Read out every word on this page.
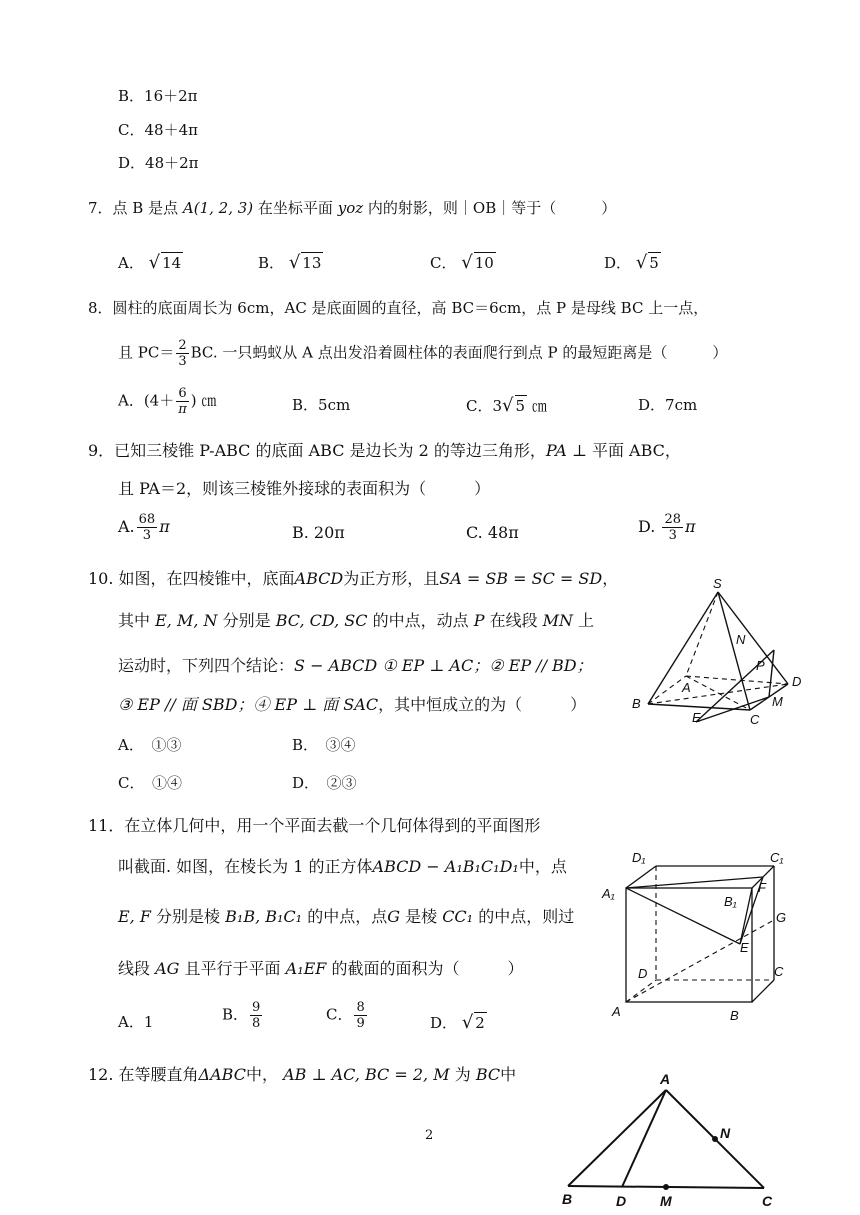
B．16＋2π
C．48＋4π
D．48＋2π
7．点 B 是点 A(1, 2, 3) 在坐标平面 yoz 内的射影，则｜OB｜等于（　　　）
A． √ 14	B． √ 13	C． √ 10	D． √ 5
8．圆柱的底面周长为 6cm，AC 是底面圆的直径，高 BC＝6cm，点 P 是母线 BC 上一点，
且 $PC= \frac{2}{3}$ BC. 一只蚂蚁从 A 点出发沿着圆柱体的表面爬行到点 P 的最短距离是（　　　）
A．($4+ \frac{6}{\pi}$ ) ㎝	B．5cm	C．3√ 5 ㎝	D．7cm
9．已知三棱锥 P-ABC 的底面 ABC 是边长为 2 的等边三角形，PA ⊥ 平面 ABC，
且 PA＝2，则该三棱锥外接球的表面积为（　　　）
A. $\frac{68}{3}$ π	B. 20π	C. 48π	D. $\frac{28}{3}$ π
10. 如图，在四棱锥中，底面ABCD为正方形，且SA = SB = SC = SD，
其中 E, M, N 分别是 BC, CD, SC 的中点，动点 P 在线段 MN 上
运动时，下列四个结论：S − ABCD ① EP ⊥ AC；② EP // BD；
③ EP // 面 SBD；④ EP ⊥ 面 SAC，其中恒成立的为（　　　）
A．　①③	B．　③④
C．　①④	D．　②③
S
N
P
A	D
B
E	C
M
11．在立体几何中，用一个平面去截一个几何体得到的平面图形
叫截面. 如图，在棱长为 1 的正方体ABCD − A₁B₁C₁D₁中，点
E, F 分别是棱 B₁B, B₁C₁ 的中点，点G 是棱 CC₁ 的中点，则过
线段 AG 且平行于平面 A₁EF 的截面的面积为（　　　）
A．1	B． $\frac{9}{8}$	C． $\frac{8}{9}$	D． √ 2
D₁	C₁
A₁	F
B₁
G
E
D	C
A	B
12. 在等腰直角ΔABC中， AB ⊥ AC, BC = 2, M 为 BC中
2
A
N
B	D M	C
